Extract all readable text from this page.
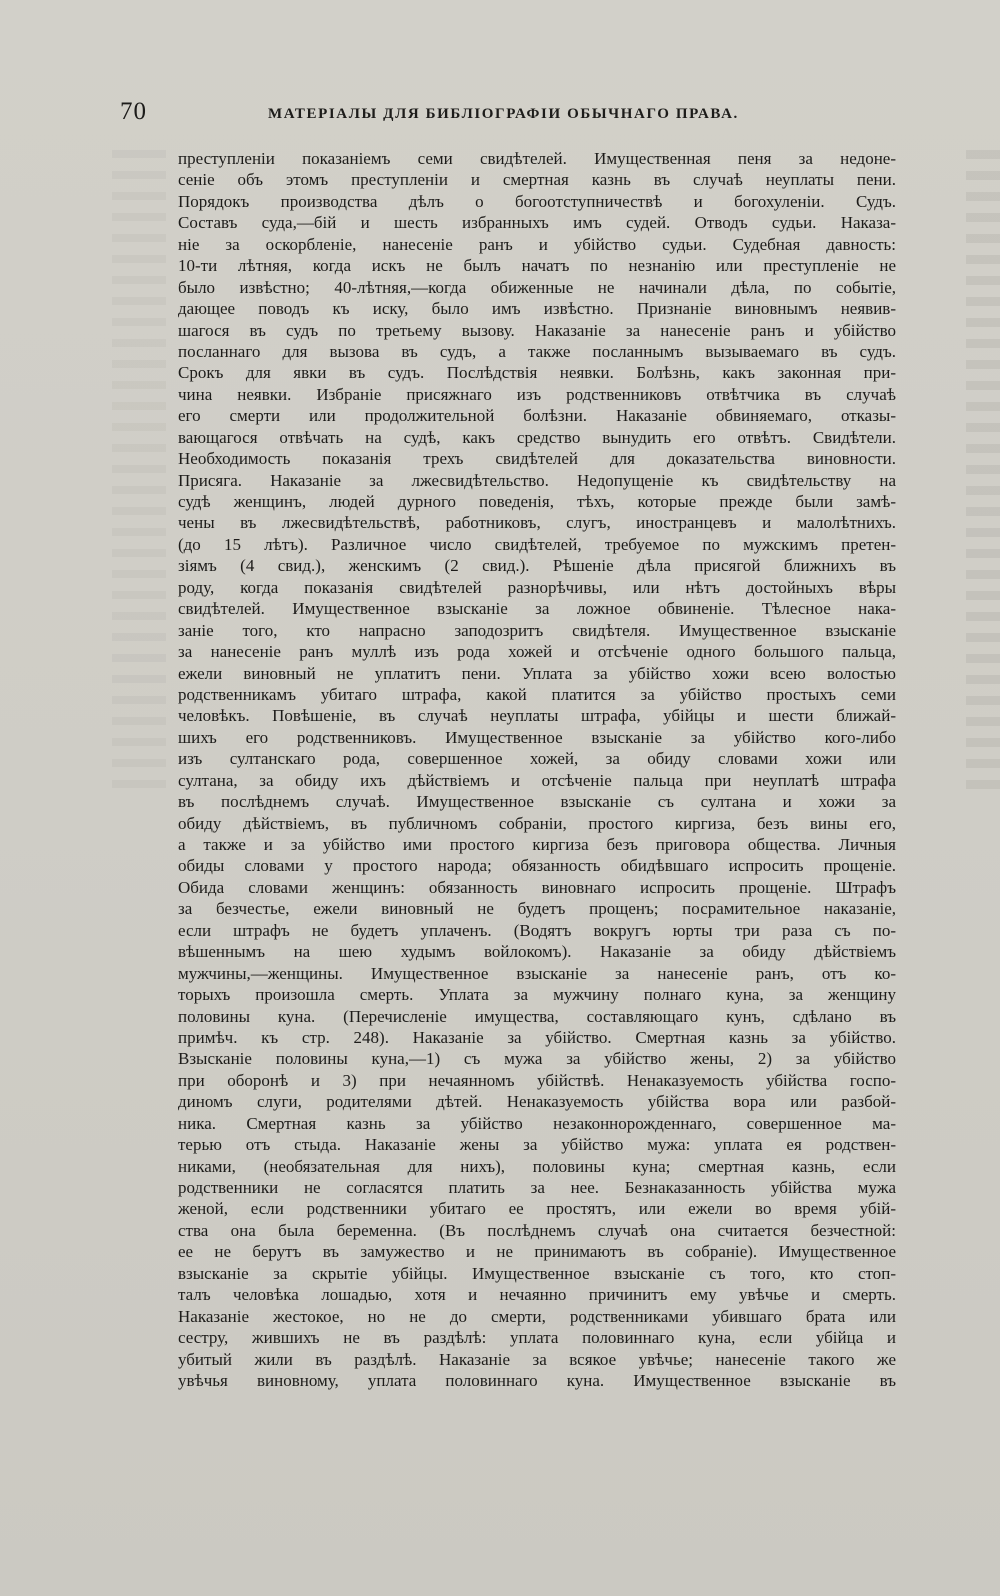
70	МАТЕРІАЛЫ ДЛЯ БИБЛІОГРАФІИ ОБЫЧНАГО ПРАВА.
преступленіи показаніемъ семи свидѣтелей. Имущественная пеня за недоне-
сеніе объ этомъ преступленіи и смертная казнь въ случаѣ неуплаты пени.
Порядокъ производства дѣлъ о богоотступничествѣ и богохуленіи. Судъ.
Составъ суда,—бій и шесть избранныхъ имъ судей. Отводъ судьи. Наказа-
ніе за оскорбленіе, нанесеніе ранъ и убійство судьи. Судебная давность:
10-ти лѣтняя, когда искъ не былъ начатъ по незнанію или преступленіе не
было извѣстно; 40-лѣтняя,—когда обиженные не начинали дѣла, по событіе,
дающее поводъ къ иску, было имъ извѣстно. Признаніе виновнымъ неявив-
шагося въ судъ по третьему вызову. Наказаніе за нанесеніе ранъ и убійство
посланнаго для вызова въ судъ, а также посланнымъ вызываемаго въ судъ.
Срокъ для явки въ судъ. Послѣдствія неявки. Болѣзнь, какъ законная при-
чина неявки. Избраніе присяжнаго изъ родственниковъ отвѣтчика въ случаѣ
его смерти или продолжительной болѣзни. Наказаніе обвиняемаго, отказы-
вающагося отвѣчать на судѣ, какъ средство вынудить его отвѣтъ. Свидѣтели.
Необходимость показанія трехъ свидѣтелей для доказательства виновности.
Присяга. Наказаніе за лжесвидѣтельство. Недопущеніе къ свидѣтельству на
судѣ женщинъ, людей дурного поведенія, тѣхъ, которые прежде были замѣ-
чены въ лжесвидѣтельствѣ, работниковъ, слугъ, иностранцевъ и малолѣтнихъ.
(до 15 лѣтъ). Различное число свидѣтелей, требуемое по мужскимъ претен-
зіямъ (4 свид.), женскимъ (2 свид.). Рѣшеніе дѣла присягой ближнихъ въ
роду, когда показанія свидѣтелей разнорѣчивы, или нѣтъ достойныхъ вѣры
свидѣтелей. Имущественное взысканіе за ложное обвиненіе. Тѣлесное нака-
заніе того, кто напрасно заподозритъ свидѣтеля. Имущественное взысканіе
за нанесеніе ранъ муллѣ изъ рода хожей и отсѣченіе одного большого пальца,
ежели виновный не уплатитъ пени. Уплата за убійство хожи всею волостью
родственникамъ убитаго штрафа, какой платится за убійство простыхъ семи
человѣкъ. Повѣшеніе, въ случаѣ неуплаты штрафа, убійцы и шести ближай-
шихъ его родственниковъ. Имущественное взысканіе за убійство кого-либо
изъ султанскаго рода, совершенное хожей, за обиду словами хожи или
султана, за обиду ихъ дѣйствіемъ и отсѣченіе пальца при неуплатѣ штрафа
въ послѣднемъ случаѣ. Имущественное взысканіе съ султана и хожи за
обиду дѣйствіемъ, въ публичномъ собраніи, простого киргиза, безъ вины его,
а также и за убійство ими простого киргиза безъ приговора общества. Личныя
обиды словами у простого народа; обязанность обидѣвшаго испросить прощеніе.
Обида словами женщинъ: обязанность виновнаго испросить прощеніе. Штрафъ
за безчестье, ежели виновный не будетъ прощенъ; посрамительное наказаніе,
если штрафъ не будетъ уплаченъ. (Водятъ вокругъ юрты три раза съ по-
вѣшеннымъ на шею худымъ войлокомъ). Наказаніе за обиду дѣйствіемъ
мужчины,—женщины. Имущественное взысканіе за нанесеніе ранъ, отъ ко-
торыхъ произошла смерть. Уплата за мужчину полнаго куна, за женщину
половины куна. (Перечисленіе имущества, составляющаго кунъ, сдѣлано въ
примѣч. къ стр. 248). Наказаніе за убійство. Смертная казнь за убійство.
Взысканіе половины куна,—1) съ мужа за убійство жены, 2) за убійство
при оборонѣ и 3) при нечаянномъ убійствѣ. Ненаказуемость убійства госпо-
диномъ слуги, родителями дѣтей. Ненаказуемость убійства вора или разбой-
ника. Смертная казнь за убійство незаконнорожденнаго, совершенное ма-
терью отъ стыда. Наказаніе жены за убійство мужа: уплата ея родствен-
никами, (необязательная для нихъ), половины куна; смертная казнь, если
родственники не согласятся платить за нее. Безнаказанность убійства мужа
женой, если родственники убитаго ее простятъ, или ежели во время убій-
ства она была беременна. (Въ послѣднемъ случаѣ она считается безчестной:
ее не берутъ въ замужество и не принимаютъ въ собраніе). Имущественное
взысканіе за скрытіе убійцы. Имущественное взысканіе съ того, кто стоп-
талъ человѣка лошадью, хотя и нечаянно причинитъ ему увѣчье и смерть.
Наказаніе жестокое, но не до смерти, родственниками убившаго брата или
сестру, жившихъ не въ раздѣлѣ: уплата половиннаго куна, если убійца и
убитый жили въ раздѣлѣ. Наказаніе за всякое увѣчье; нанесеніе такого же
увѣчья виновному, уплата половиннаго куна. Имущественное взысканіе въ
